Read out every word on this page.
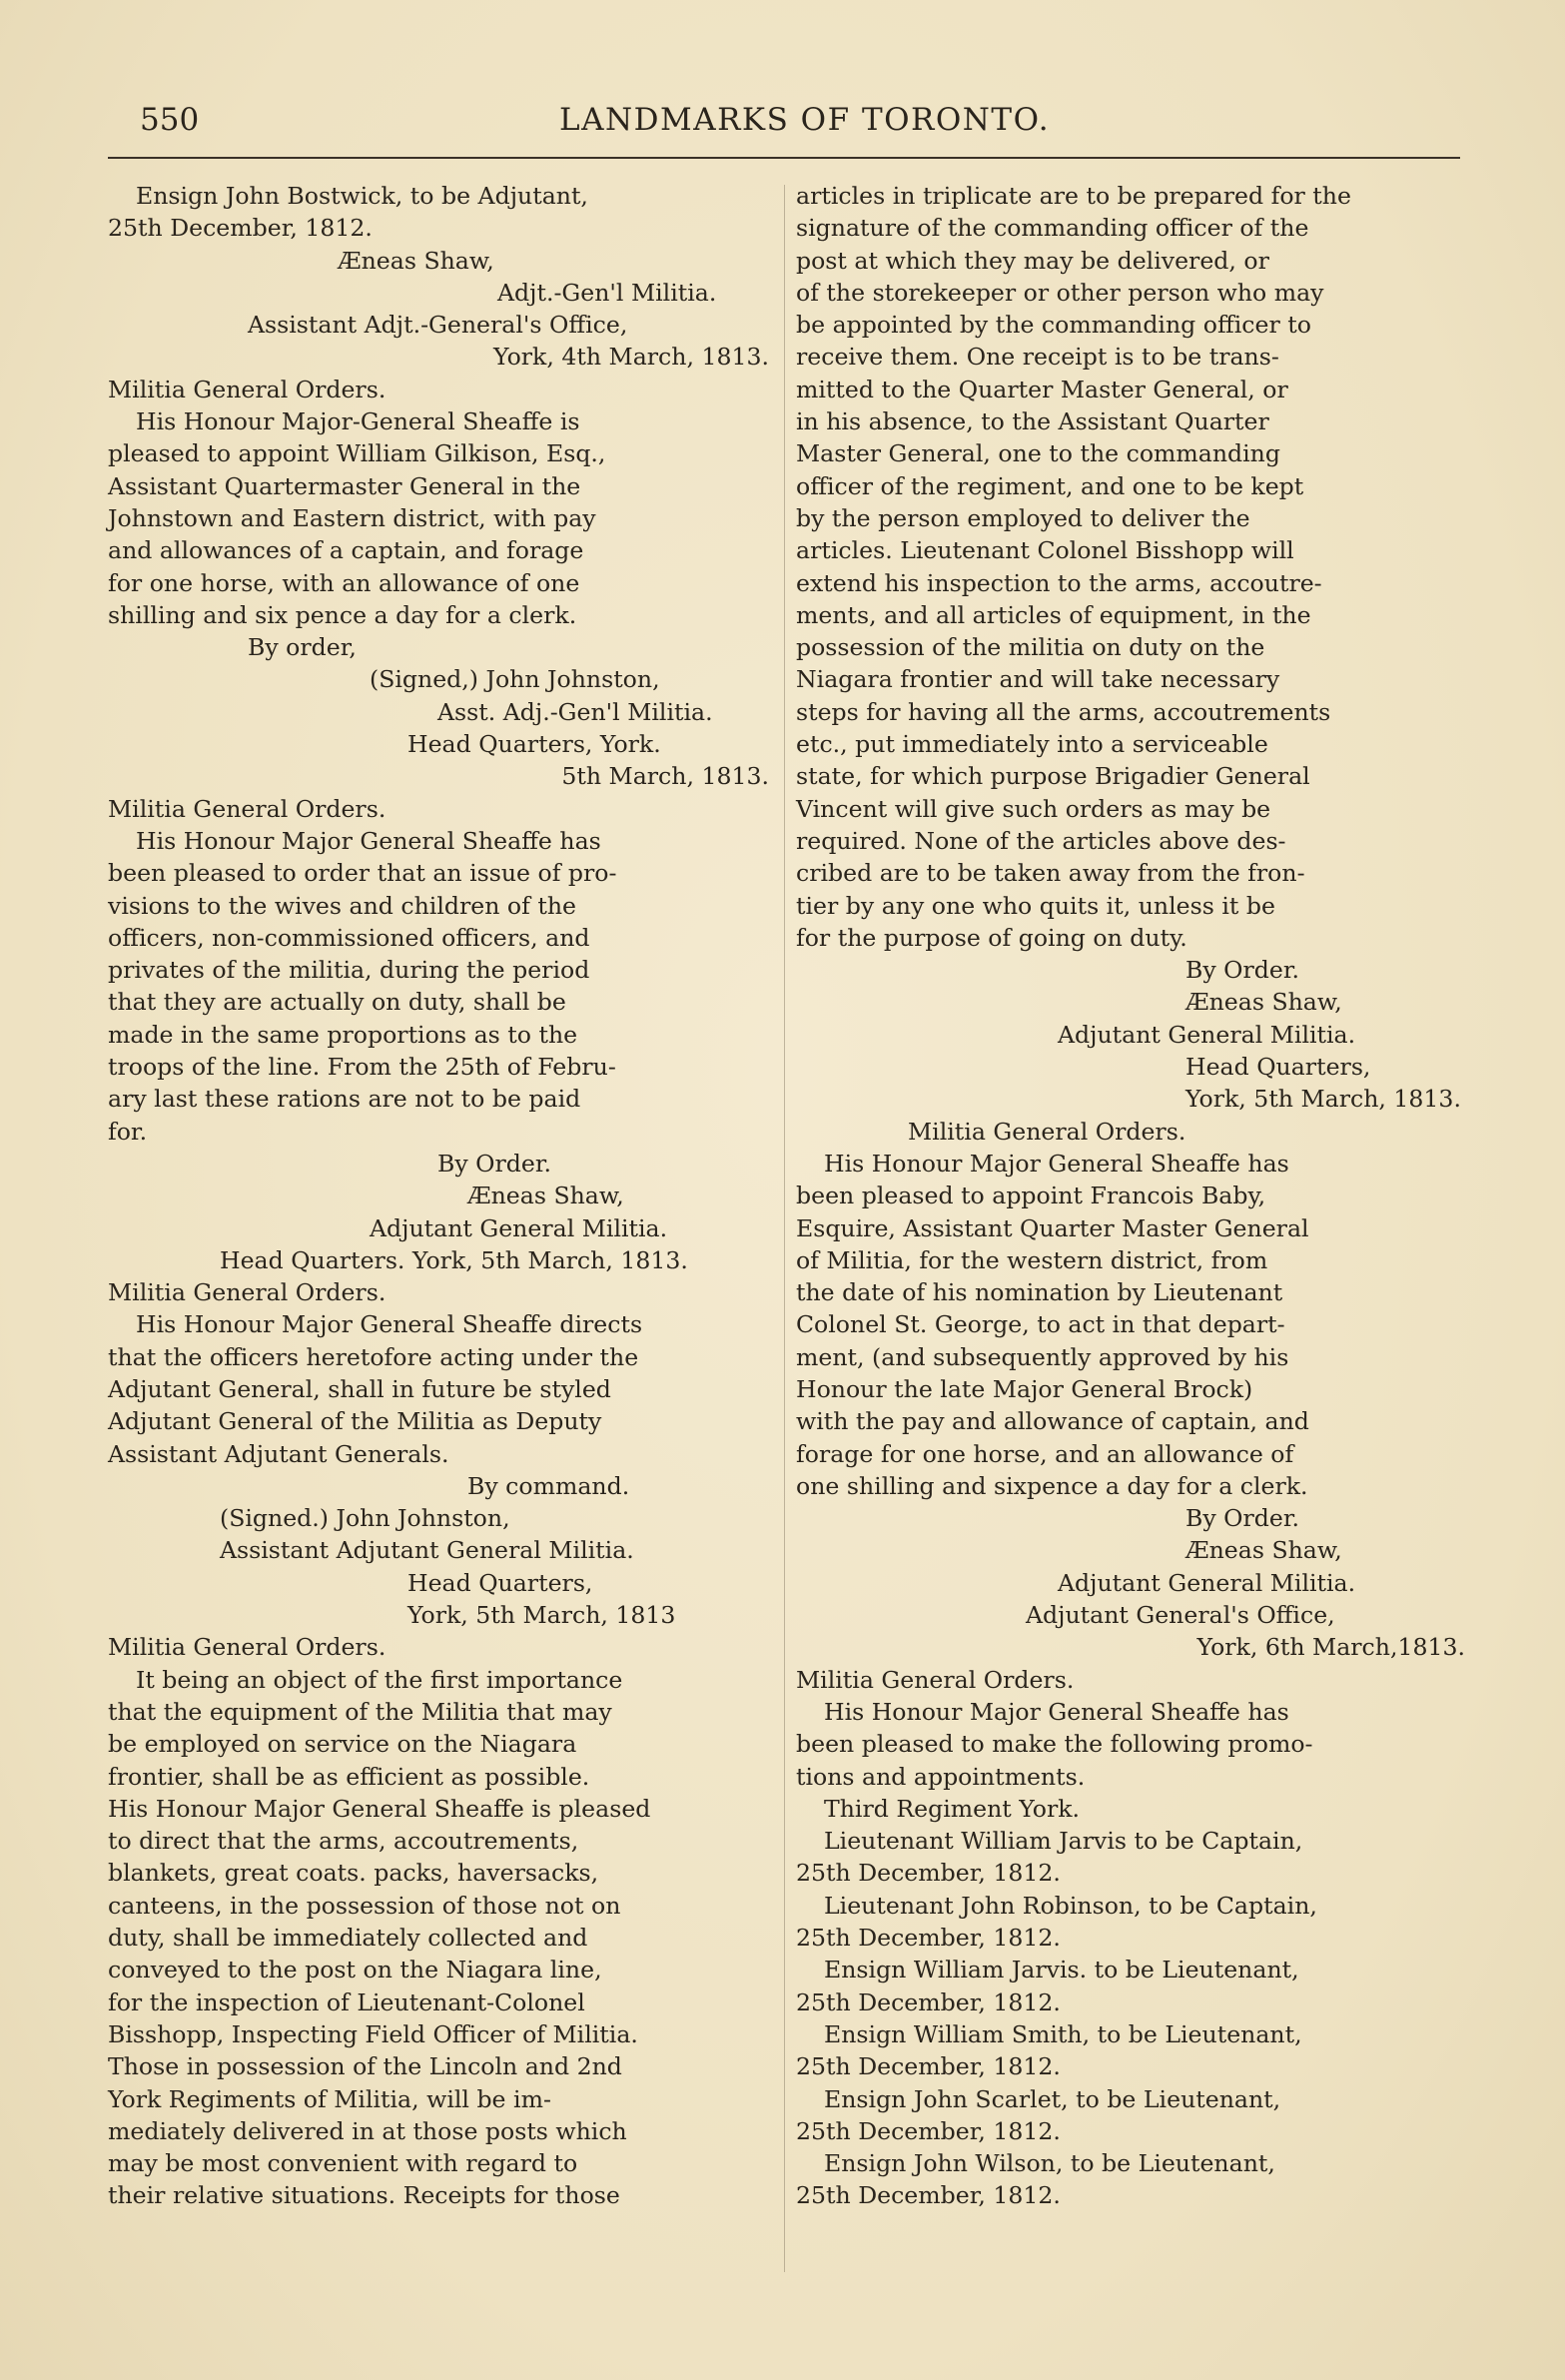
550	LANDMARKS OF TORONTO.

Ensign John Bostwick, to be Adjutant,

25th December, 1812.

Æneas Shaw,

Adjt.-Gen'l Militia.

Assistant Adjt.-General's Office,

York, 4th March, 1813.

Militia General Orders.

His Honour Major-General Sheaffe is

pleased to appoint William Gilkison, Esq.,

Assistant Quartermaster General in the

Johnstown and Eastern district, with pay

and allowances of a captain, and forage

for one horse, with an allowance of one

shilling and six pence a day for a clerk.

By order,

(Signed,) John Johnston,

Asst. Adj.-Gen'l Militia.

Head Quarters, York.

5th March, 1813.

Militia General Orders.

His Honour Major General Sheaffe has

been pleased to order that an issue of pro-

visions to the wives and children of the

officers, non-commissioned officers, and

privates of the militia, during the period

that they are actually on duty, shall be

made in the same proportions as to the

troops of the line. From the 25th of Febru-

ary last these rations are not to be paid

for.

By Order.

Æneas Shaw,

Adjutant General Militia.

Head Quarters. York, 5th March, 1813.

Militia General Orders.

His Honour Major General Sheaffe directs

that the officers heretofore acting under the

Adjutant General, shall in future be styled

Adjutant General of the Militia as Deputy

Assistant Adjutant Generals.

By command.

(Signed.) John Johnston,

Assistant Adjutant General Militia.

Head Quarters,

York, 5th March, 1813

Militia General Orders.

It being an object of the first importance

that the equipment of the Militia that may

be employed on service on the Niagara

frontier, shall be as efficient as possible.

His Honour Major General Sheaffe is pleased

to direct that the arms, accoutrements,

blankets, great coats. packs, haversacks,

canteens, in the possession of those not on

duty, shall be immediately collected and

conveyed to the post on the Niagara line,

for the inspection of Lieutenant-Colonel

Bisshopp, Inspecting Field Officer of Militia.

Those in possession of the Lincoln and 2nd

York Regiments of Militia, will be im-

mediately delivered in at those posts which

may be most convenient with regard to

their relative situations. Receipts for those

articles in triplicate are to be prepared for the

signature of the commanding officer of the

post at which they may be delivered, or

of the storekeeper or other person who may

be appointed by the commanding officer to

receive them. One receipt is to be trans-

mitted to the Quarter Master General, or

in his absence, to the Assistant Quarter

Master General, one to the commanding

officer of the regiment, and one to be kept

by the person employed to deliver the

articles. Lieutenant Colonel Bisshopp will

extend his inspection to the arms, accoutre-

ments, and all articles of equipment, in the

possession of the militia on duty on the

Niagara frontier and will take necessary

steps for having all the arms, accoutrements

etc., put immediately into a serviceable

state, for which purpose Brigadier General

Vincent will give such orders as may be

required. None of the articles above des-

cribed are to be taken away from the fron-

tier by any one who quits it, unless it be

for the purpose of going on duty.

By Order.

Æneas Shaw,

Adjutant General Militia.

Head Quarters,

York, 5th March, 1813.

Militia General Orders.

His Honour Major General Sheaffe has

been pleased to appoint Francois Baby,

Esquire, Assistant Quarter Master General

of Militia, for the western district, from

the date of his nomination by Lieutenant

Colonel St. George, to act in that depart-

ment, (and subsequently approved by his

Honour the late Major General Brock)

with the pay and allowance of captain, and

forage for one horse, and an allowance of

one shilling and sixpence a day for a clerk.

By Order.

Æneas Shaw,

Adjutant General Militia.

Adjutant General's Office,

York, 6th March,1813.

Militia General Orders.

His Honour Major General Sheaffe has

been pleased to make the following promo-

tions and appointments.

Third Regiment York.

Lieutenant William Jarvis to be Captain,

25th December, 1812.

Lieutenant John Robinson, to be Captain,

25th December, 1812.

Ensign William Jarvis. to be Lieutenant,

25th December, 1812.

Ensign William Smith, to be Lieutenant,

25th December, 1812.

Ensign John Scarlet, to be Lieutenant,

25th December, 1812.

Ensign John Wilson, to be Lieutenant,

25th December, 1812.
